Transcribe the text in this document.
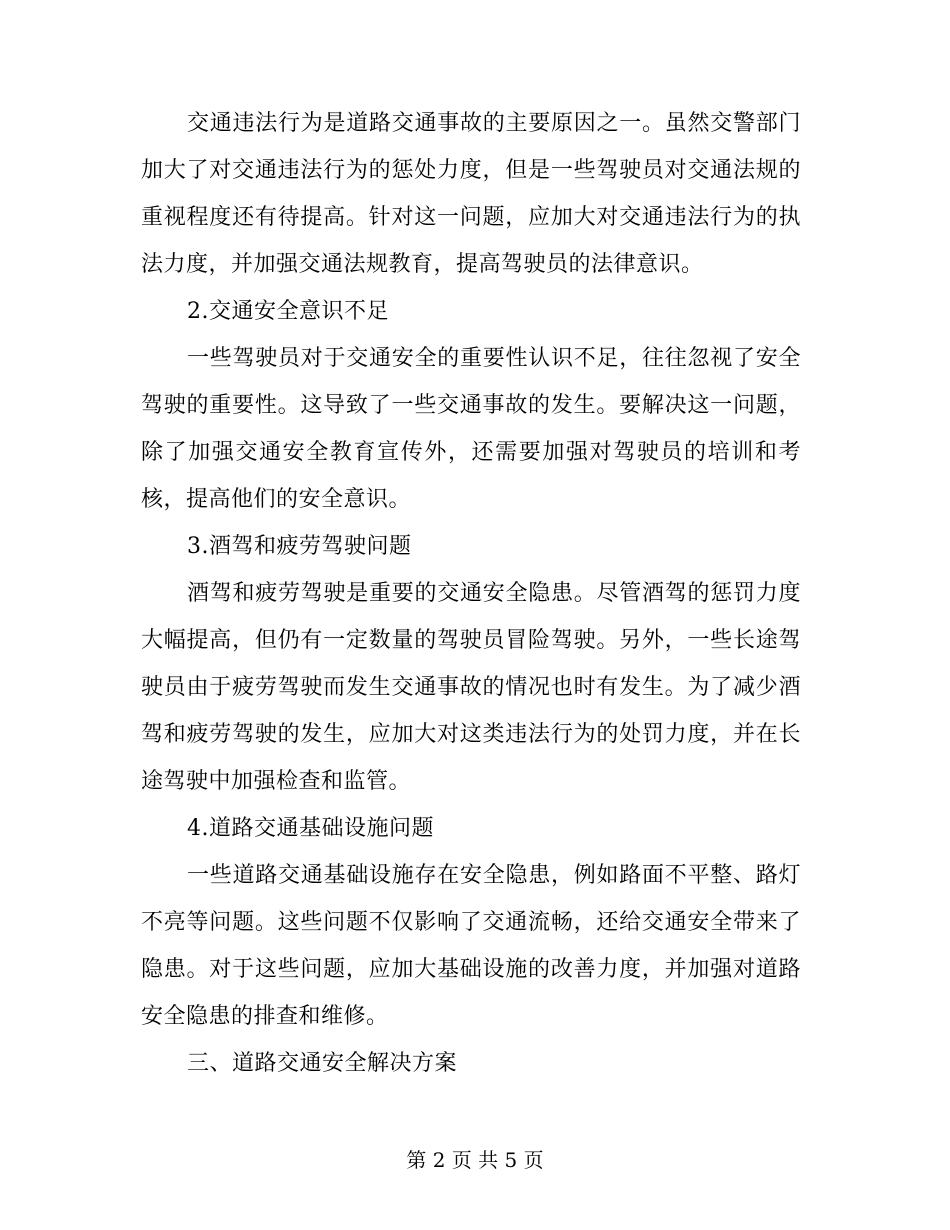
交通违法行为是道路交通事故的主要原因之一。虽然交警部门加大了对交通违法行为的惩处力度，但是一些驾驶员对交通法规的重视程度还有待提高。针对这一问题，应加大对交通违法行为的执法力度，并加强交通法规教育，提高驾驶员的法律意识。

2.交通安全意识不足

一些驾驶员对于交通安全的重要性认识不足，往往忽视了安全驾驶的重要性。这导致了一些交通事故的发生。要解决这一问题，除了加强交通安全教育宣传外，还需要加强对驾驶员的培训和考核，提高他们的安全意识。

3.酒驾和疲劳驾驶问题

酒驾和疲劳驾驶是重要的交通安全隐患。尽管酒驾的惩罚力度大幅提高，但仍有一定数量的驾驶员冒险驾驶。另外，一些长途驾驶员由于疲劳驾驶而发生交通事故的情况也时有发生。为了减少酒驾和疲劳驾驶的发生，应加大对这类违法行为的处罚力度，并在长途驾驶中加强检查和监管。

4.道路交通基础设施问题

一些道路交通基础设施存在安全隐患，例如路面不平整、路灯不亮等问题。这些问题不仅影响了交通流畅，还给交通安全带来了隐患。对于这些问题，应加大基础设施的改善力度，并加强对道路安全隐患的排查和维修。

三、道路交通安全解决方案

第 2 页 共 5 页
